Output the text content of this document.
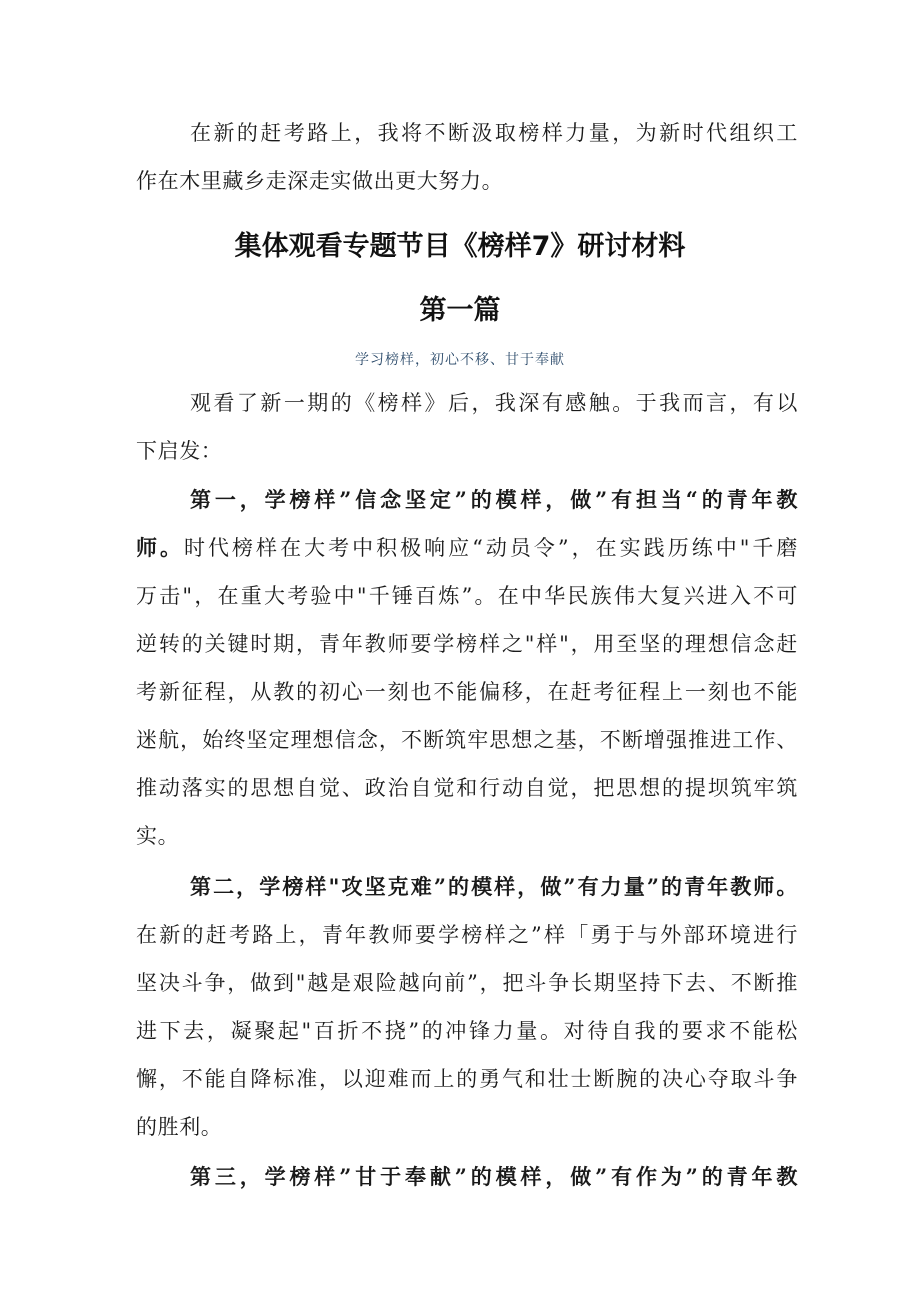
在新的赶考路上，我将不断汲取榜样力量，为新时代组织工
作在木里藏乡走深走实做出更大努力。
集体观看专题节目《榜样7》研讨材料
第一篇
学习榜样，初心不移、甘于奉献
观看了新一期的《榜样》后，我深有感触。于我而言，有以
下启发：
第一，学榜样”信念坚定”的模样，做”有担当“的青年教
师。时代榜样在大考中积极响应“动员令”，在实践历练中"千磨
万击"，在重大考验中"千锤百炼”。在中华民族伟大复兴进入不可
逆转的关键时期，青年教师要学榜样之"样"，用至坚的理想信念赶
考新征程，从教的初心一刻也不能偏移，在赶考征程上一刻也不能
迷航，始终坚定理想信念，不断筑牢思想之基，不断增强推进工作、
推动落实的思想自觉、政治自觉和行动自觉，把思想的提坝筑牢筑
实。
第二，学榜样"攻坚克难”的模样，做”有力量”的青年教师。
在新的赶考路上，青年教师要学榜样之”样「勇于与外部环境进行
坚决斗争，做到"越是艰险越向前”，把斗争长期坚持下去、不断推
进下去，凝聚起"百折不挠”的冲锋力量。对待自我的要求不能松
懈，不能自降标准，以迎难而上的勇气和壮士断腕的决心夺取斗争
的胜利。
第三，学榜样”甘于奉献”的模样，做”有作为”的青年教
